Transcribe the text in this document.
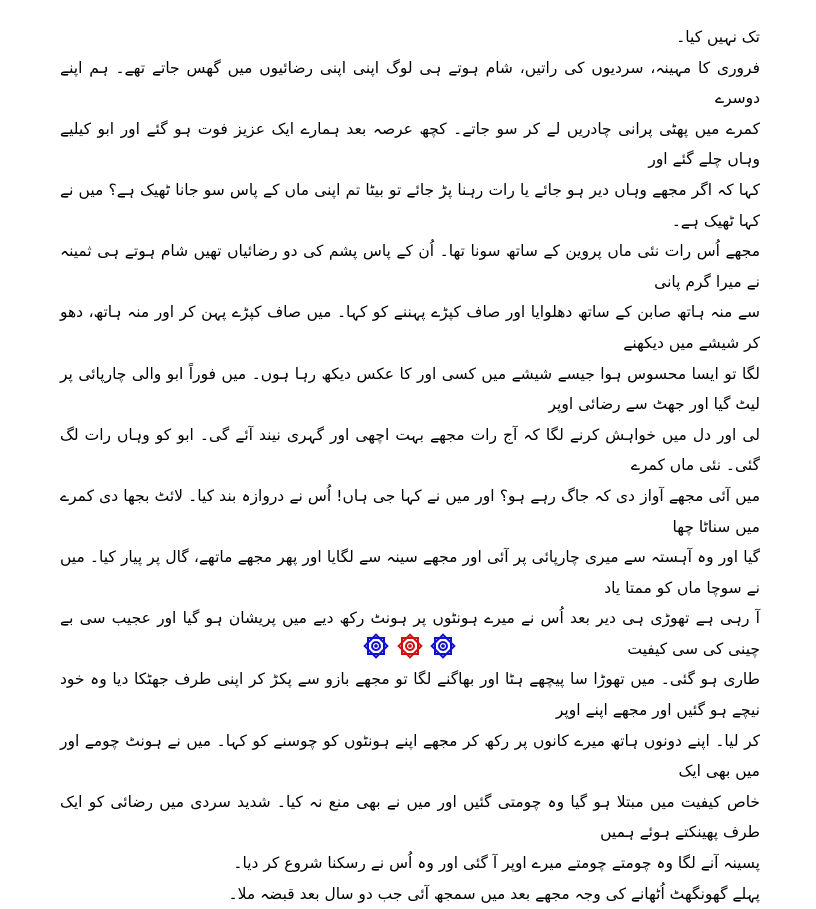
تک نہیں کیا۔

فروری کا مہینہ، سردیوں کی راتیں، شام ہوتے ہی لوگ اپنی اپنی رضائیوں میں گھس جاتے تھے۔ ہم اپنے دوسرے

کمرے میں پھٹی پرانی چادریں لے کر سو جاتے۔ کچھ عرصہ بعد ہمارے ایک عزیز فوت ہو گئے اور ابو کیلیے وہاں چلے گئے اور

کہا کہ اگر مجھے وہاں دیر ہو جائے یا رات رہنا پڑ جائے تو بیٹا تم اپنی ماں کے پاس سو جانا ٹھیک ہے؟ میں نے کہا ٹھیک ہے۔

مجھے اُس رات نئی ماں پروین کے ساتھ سونا تھا۔ اُن کے پاس پشم کی دو رضائیاں تھیں شام ہوتے ہی ثمینہ نے میرا گرم پانی

سے منہ ہاتھ صابن کے ساتھ دھلوایا اور صاف کپڑے پہننے کو کہا۔ میں صاف کپڑے پہن کر اور منہ ہاتھ، دھو کر شیشے میں دیکھنے

لگا تو ایسا محسوس ہوا جیسے شیشے میں کسی اور کا عکس دیکھ رہا ہوں۔ میں فوراً ابو والی چارپائی پر لیٹ گیا اور جھٹ سے رضائی اوپر

لی اور دل میں خواہش کرنے لگا کہ آج رات مجھے بہت اچھی اور گہری نیند آئے گی۔ ابو کو وہاں رات لگ گئی۔ نئی ماں کمرے

میں آئی مجھے آواز دی کہ جاگ رہے ہو؟ اور میں نے کہا جی ہاں! اُس نے دروازہ بند کیا۔ لائٹ بجھا دی کمرے میں سناٹا چھا

گیا اور وہ آہستہ سے میری چارپائی پر آئی اور مجھے سینہ سے لگایا اور پھر مجھے ماتھے، گال پر پیار کیا۔ میں نے سوچا ماں کو ممتا یاد

آ رہی ہے تھوڑی ہی دیر بعد اُس نے میرے ہونٹوں پر ہونٹ رکھ دیے میں پریشان ہو گیا اور عجیب سی بے چینی کی سی کیفیت

طاری ہو گئی۔ میں تھوڑا سا پیچھے ہٹا اور بھاگنے لگا تو مجھے بازو سے پکڑ کر اپنی طرف جھٹکا دیا وہ خود نیچے ہو گئیں اور مجھے اپنے اوپر

کر لیا۔ اپنے دونوں ہاتھ میرے کانوں پر رکھ کر مجھے اپنے ہونٹوں کو چوسنے کو کہا۔ میں نے ہونٹ چومے اور میں بھی ایک

خاص کیفیت میں مبتلا ہو گیا وہ چومتی گئیں اور میں نے بھی منع نہ کیا۔ شدید سردی میں رضائی کو ایک طرف پھینکتے ہوئے ہمیں

پسینہ آنے لگا وہ چومتے چومتے میرے اوپر آ گئی اور وہ اُس نے رسکنا شروع کر دیا۔

پہلے گھونگھٹ اُٹھانے کی وجہ مجھے بعد میں سمجھ آئی جب دو سال بعد قبضہ ملا۔
